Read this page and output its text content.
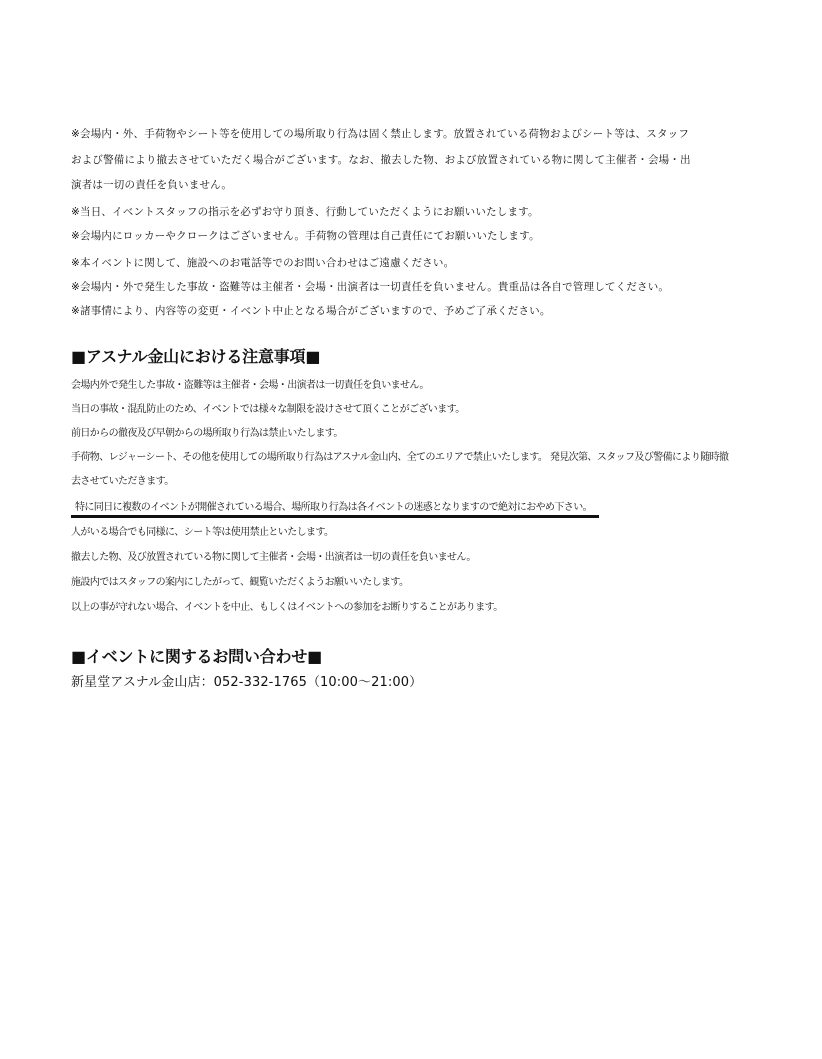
※会場内・外、手荷物やシート等を使用しての場所取り行為は固く禁止します。放置されている荷物およびシート等は、スタッフ
および警備により撤去させていただく場合がございます。なお、撤去した物、および放置されている物に関して主催者・会場・出
演者は一切の責任を負いません。
※当日、イベントスタッフの指示を必ずお守り頂き、行動していただくようにお願いいたします。
※会場内にロッカーやクロークはございません。手荷物の管理は自己責任にてお願いいたします。
※本イベントに関して、施設へのお電話等でのお問い合わせはご遠慮ください。
※会場内・外で発生した事故・盗難等は主催者・会場・出演者は一切責任を負いません。貴重品は各自で管理してください。
※諸事情により、内容等の変更・イベント中止となる場合がございますので、予めご了承ください。
■アスナル金山における注意事項■
会場内外で発生した事故・盗難等は主催者・会場・出演者は一切責任を負いません。
当日の事故・混乱防止のため、イベントでは様々な制限を設けさせて頂くことがございます。
前日からの徹夜及び早朝からの場所取り行為は禁止いたします。
手荷物、レジャーシート、その他を使用しての場所取り行為はアスナル金山内、全てのエリアで禁止いたします。 発見次第、スタッフ及び警備により随時撤
去させていただきます。
特に同日に複数のイベントが開催されている場合、場所取り行為は各イベントの迷惑となりますので絶対におやめ下さい。
人がいる場合でも同様に、シート等は使用禁止といたします。
撤去した物、及び放置されている物に関して主催者・会場・出演者は一切の責任を負いません。
施設内ではスタッフの案内にしたがって、観覧いただくようお願いいたします。
以上の事が守れない場合、イベントを中止、もしくはイベントへの参加をお断りすることがあります。
■イベントに関するお問い合わせ■
新星堂アスナル金山店：052-332-1765（10:00～21:00）
